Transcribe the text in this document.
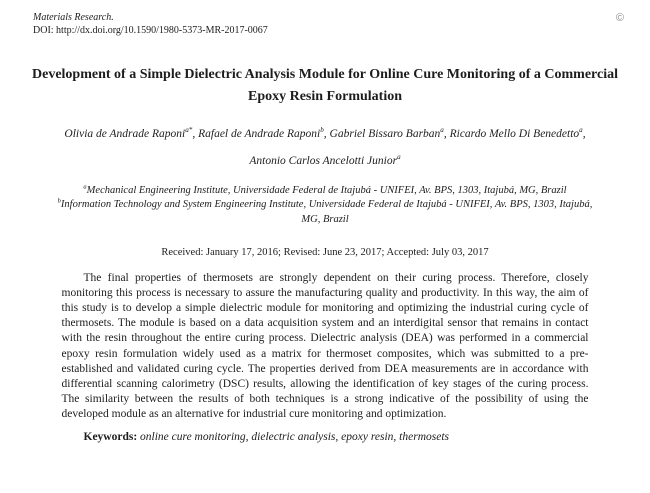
Materials Research.
DOI: http://dx.doi.org/10.1590/1980-5373-MR-2017-0067
©
Development of a Simple Dielectric Analysis Module for Online Cure Monitoring of a Commercial Epoxy Resin Formulation
Olivia de Andrade Raponi$^{a*}$, Rafael de Andrade Raponi$^b$, Gabriel Bissaro Barban$^a$, Ricardo Mello Di Benedetto$^a$, Antonio Carlos Ancelotti Junior$^a$
$^a$Mechanical Engineering Institute, Universidade Federal de Itajubá - UNIFEI, Av. BPS, 1303, Itajubá, MG, Brazil
$^b$Information Technology and System Engineering Institute, Universidade Federal de Itajubá - UNIFEI, Av. BPS, 1303, Itajubá, MG, Brazil
Received: January 17, 2016; Revised: June 23, 2017; Accepted: July 03, 2017

The final properties of thermosets are strongly dependent on their curing process. Therefore, closely monitoring this process is necessary to assure the manufacturing quality and productivity. In this way, the aim of this study is to develop a simple dielectric module for monitoring and optimizing the industrial curing cycle of thermosets. The module is based on a data acquisition system and an interdigital sensor that remains in contact with the resin throughout the entire curing process. Dielectric analysis (DEA) was performed in a commercial epoxy resin formulation widely used as a matrix for thermoset composites, which was submitted to a pre-established and validated curing cycle. The properties derived from DEA measurements are in accordance with differential scanning calorimetry (DSC) results, allowing the identification of key stages of the curing process. The similarity between the results of both techniques is a strong indicative of the possibility of using the developed module as an alternative for industrial cure monitoring and optimization.

Keywords: online cure monitoring, dielectric analysis, epoxy resin, thermosets
